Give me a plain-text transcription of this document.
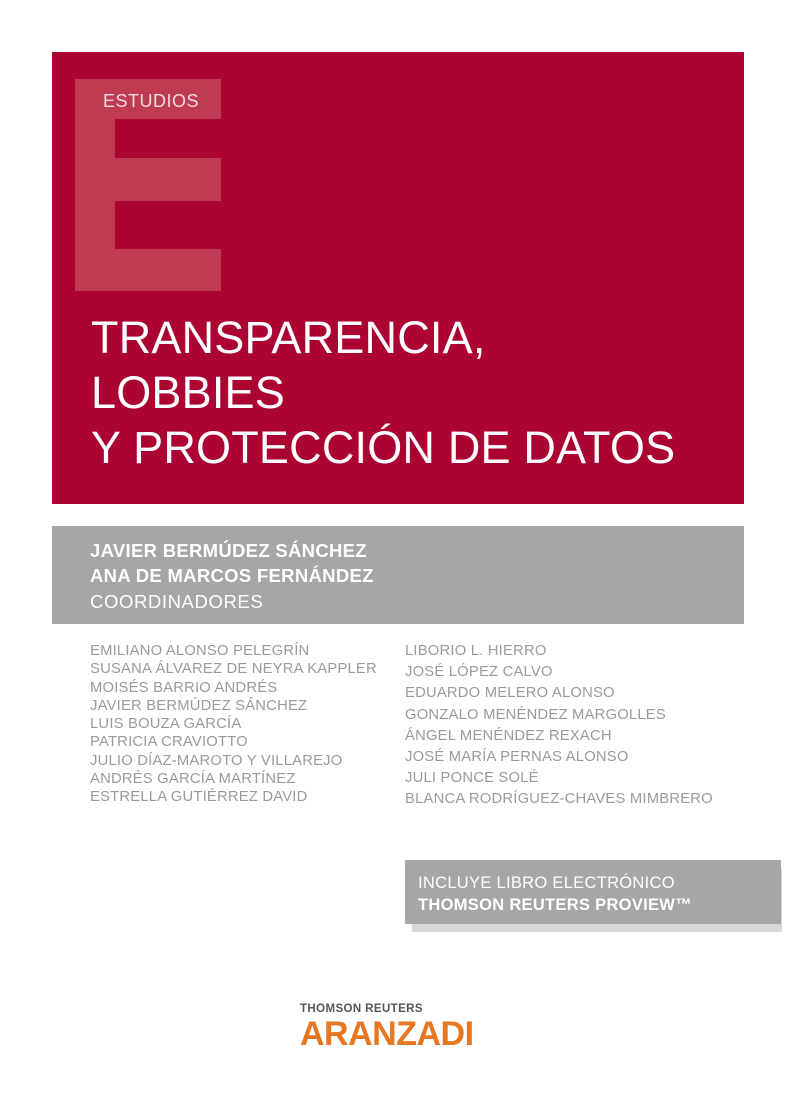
ESTUDIOS
TRANSPARENCIA,
LOBBIES
Y PROTECCIÓN DE DATOS
JAVIER BERMÚDEZ SÁNCHEZ
ANA DE MARCOS FERNÁNDEZ
COORDINADORES
EMILIANO ALONSO PELEGRÍN
SUSANA ÁLVAREZ DE NEYRA KAPPLER
MOISÉS BARRIO ANDRÉS
JAVIER BERMÚDEZ SÁNCHEZ
LUIS BOUZA GARCÍA
PATRICIA CRAVIOTTO
JULIO DÍAZ-MAROTO Y VILLAREJO
ANDRÉS GARCÍA MARTÍNEZ
ESTRELLA GUTIÉRREZ DAVID
LIBORIO L. HIERRO
JOSÉ LÓPEZ CALVO
EDUARDO MELERO ALONSO
GONZALO MENÉNDEZ MARGOLLES
ÁNGEL MENÉNDEZ REXACH
JOSÉ MARÍA PERNAS ALONSO
JULI PONCE SOLÉ
BLANCA RODRÍGUEZ-CHAVES MIMBRERO
INCLUYE LIBRO ELECTRÓNICO
THOMSON REUTERS PROVIEW™
THOMSON REUTERS
ARANZADI
